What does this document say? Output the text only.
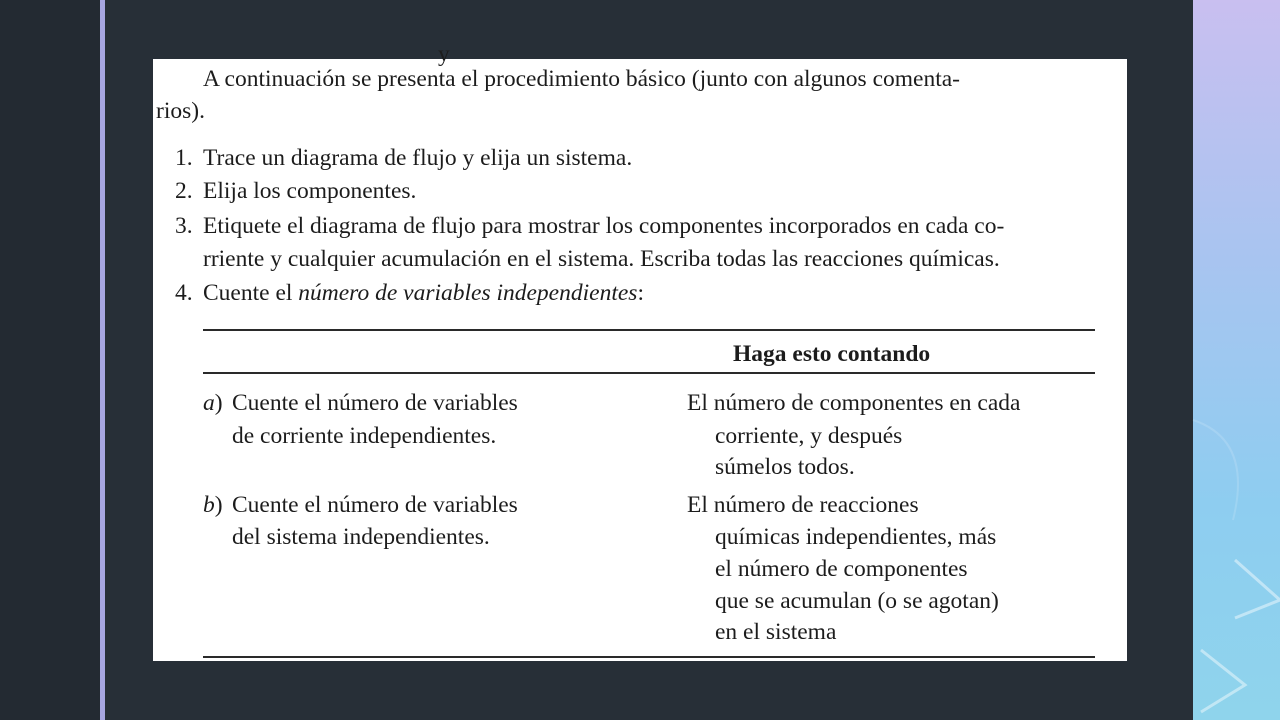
y
A continuación se presenta el procedimiento básico (junto con algunos comenta-
rios).
1. Trace un diagrama de flujo y elija un sistema.
2. Elija los componentes.
3. Etiquete el diagrama de flujo para mostrar los componentes incorporados en cada co-
rriente y cualquier acumulación en el sistema. Escriba todas las reacciones químicas.
4. Cuente el número de variables independientes:
Haga esto contando
a) Cuente el número de variables
de corriente independientes.
El número de componentes en cada
corriente, y después
súmelos todos.
b) Cuente el número de variables
del sistema independientes.
El número de reacciones
químicas independientes, más
el número de componentes
que se acumulan (o se agotan)
en el sistema
